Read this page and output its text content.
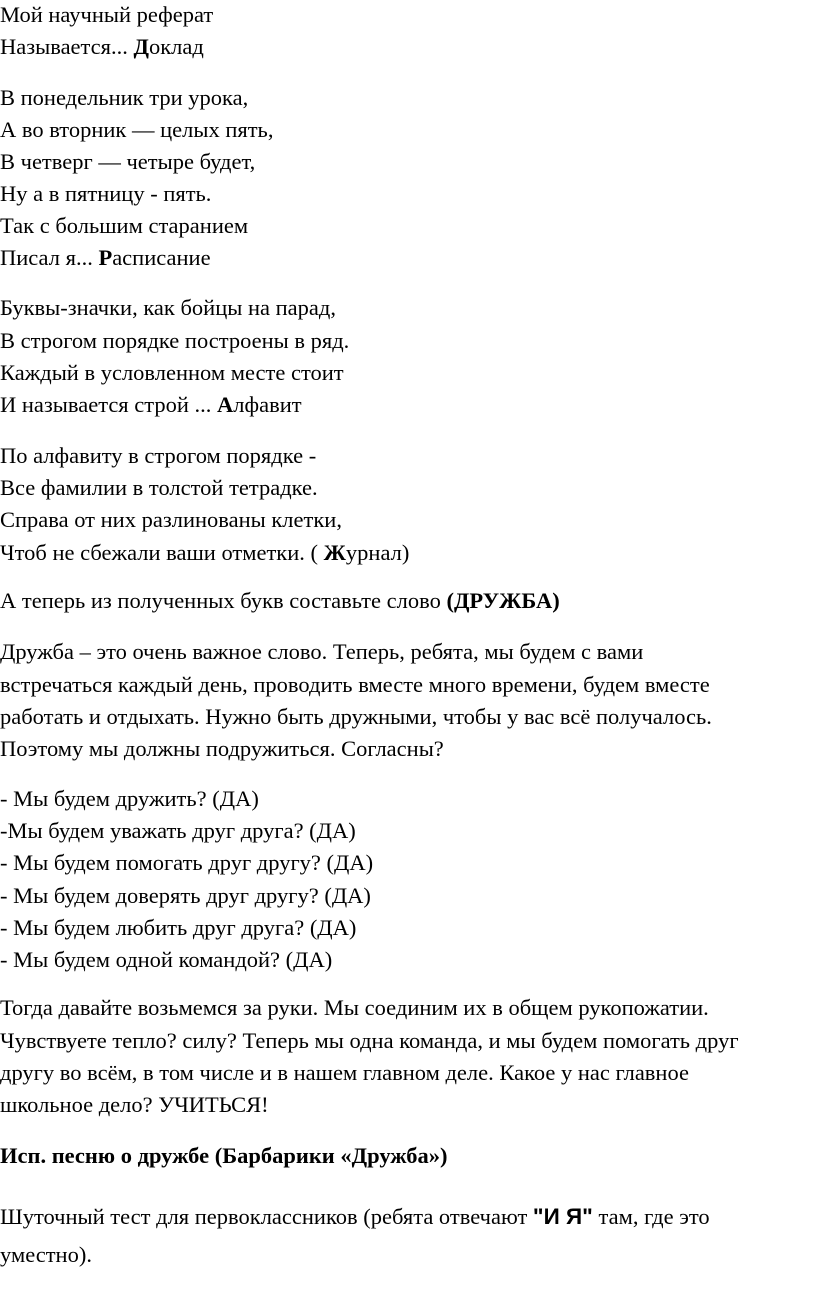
Мой научный реферат
Называется... Доклад
В понедельник три урока,
А во вторник — целых пять,
В четверг — четыре будет,
Ну а в пятницу - пять.
Так с большим старанием
Писал я... Расписание
Буквы-значки, как бойцы на парад,
В строгом порядке построены в ряд.
Каждый в условленном месте стоит
И называется строй ... Алфавит
По алфавиту в строгом порядке -
Все фамилии в толстой тетрадке.
Справа от них разлинованы клетки,
Чтоб не сбежали ваши отметки. ( Журнал)
А теперь из полученных букв составьте слово (ДРУЖБА)
Дружба – это очень важное слово. Теперь, ребята, мы будем с вами
встречаться каждый день, проводить вместе много времени, будем вместе
работать и отдыхать. Нужно быть дружными, чтобы у вас всё получалось.
Поэтому мы должны подружиться. Согласны?
- Мы будем дружить? (ДА)
-Мы будем уважать друг друга? (ДА)
- Мы будем помогать друг другу? (ДА)
- Мы будем доверять друг другу? (ДА)
- Мы будем любить друг друга? (ДА)
- Мы будем одной командой? (ДА)
Тогда давайте возьмемся за руки. Мы соединим их в общем рукопожатии.
Чувствуете тепло? силу? Теперь мы одна команда, и мы будем помогать друг
другу во всём, в том числе и в нашем главном деле. Какое у нас главное
школьное дело? УЧИТЬСЯ!
Исп. песню о дружбе (Барбарики «Дружба»)
Шуточный тест для первоклассников (ребята отвечают "И Я" там, где это
уместно).
